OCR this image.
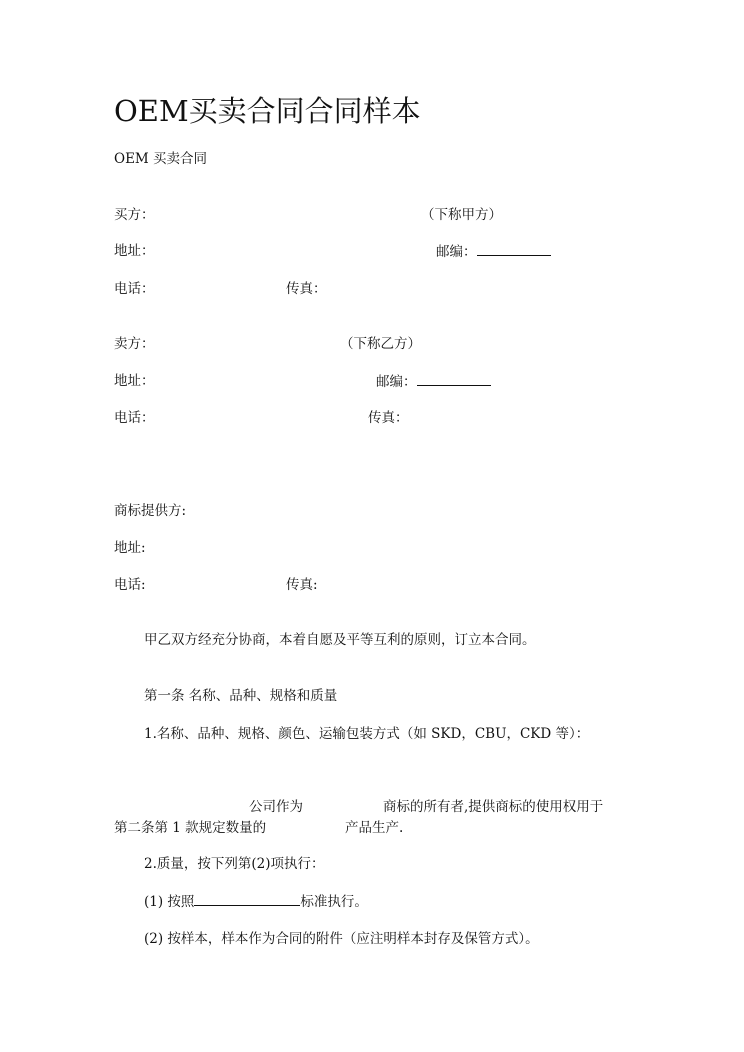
OEM买卖合同合同样本
OEM 买卖合同
买方：	（下称甲方）
地址：	邮编：
电话：	传真：
卖方：	（下称乙方）
地址：	邮编：
电话：	传真：
商标提供方:
地址:
电话:	传真:
甲乙双方经充分协商，本着自愿及平等互利的原则，订立本合同。
第一条 名称、品种、规格和质量
1.名称、品种、规格、颜色、运输包装方式（如 SKD，CBU，CKD 等）：
公司作为	商标的所有者,提供商标的使用权用于
第二条第 1 款规定数量的	产品生产.
2.质量，按下列第(2)项执行：
(1) 按照	标准执行。
(2) 按样本，样本作为合同的附件（应注明样本封存及保管方式）。
